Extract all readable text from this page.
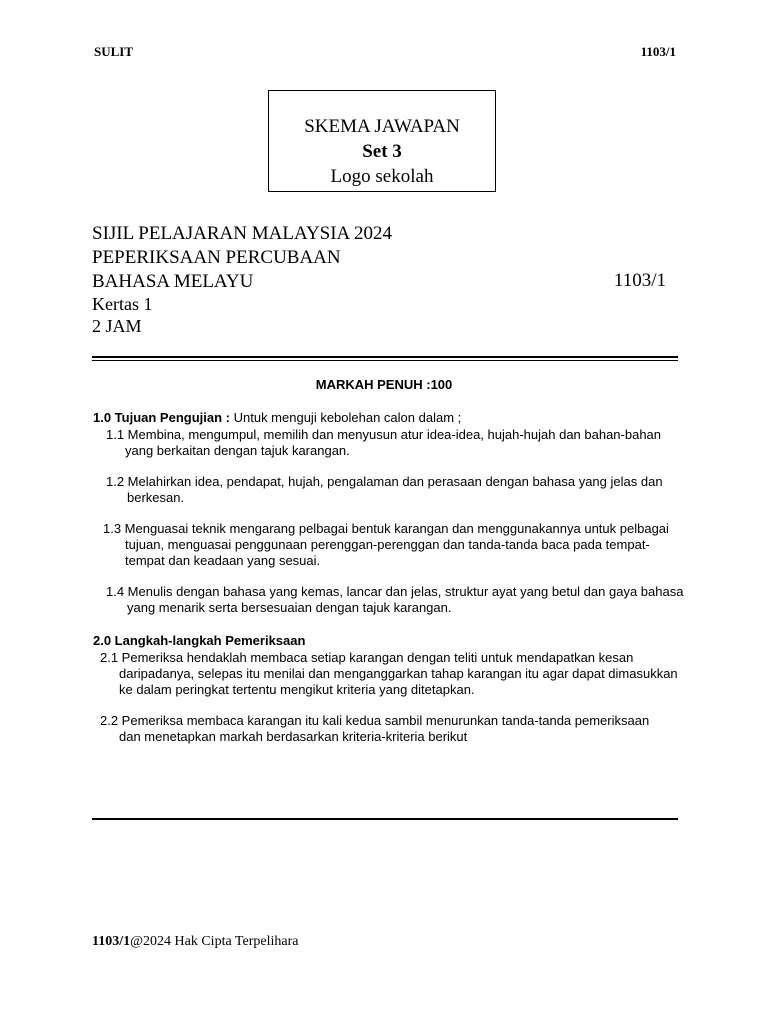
SULIT	1103/1
SKEMA JAWAPAN
Set 3
Logo sekolah
SIJIL PELAJARAN MALAYSIA 2024
PEPERIKSAAN PERCUBAAN
BAHASA MELAYU	1103/1
Kertas 1
2 JAM
MARKAH PENUH :100
1.0 Tujuan Pengujian : Untuk menguji kebolehan calon dalam ;
1.1 Membina, mengumpul, memilih dan menyusun atur idea-idea, hujah-hujah dan bahan-bahan
yang berkaitan dengan tajuk karangan.
1.2 Melahirkan idea, pendapat, hujah, pengalaman dan perasaan dengan bahasa yang jelas dan
berkesan.
1.3 Menguasai teknik mengarang pelbagai bentuk karangan dan menggunakannya untuk pelbagai
tujuan, menguasai penggunaan perenggan-perenggan dan tanda-tanda baca pada tempat-
tempat dan keadaan yang sesuai.
1.4 Menulis dengan bahasa yang kemas, lancar dan jelas, struktur ayat yang betul dan gaya bahasa
yang menarik serta bersesuaian dengan tajuk karangan.
2.0 Langkah-langkah Pemeriksaan
2.1 Pemeriksa hendaklah membaca setiap karangan dengan teliti untuk mendapatkan kesan
daripadanya, selepas itu menilai dan menganggarkan tahap karangan itu agar dapat dimasukkan
ke dalam peringkat tertentu mengikut kriteria yang ditetapkan.
2.2 Pemeriksa membaca karangan itu kali kedua sambil menurunkan tanda-tanda pemeriksaan
dan menetapkan markah berdasarkan kriteria-kriteria berikut
1103/1@2024 Hak Cipta Terpelihara
